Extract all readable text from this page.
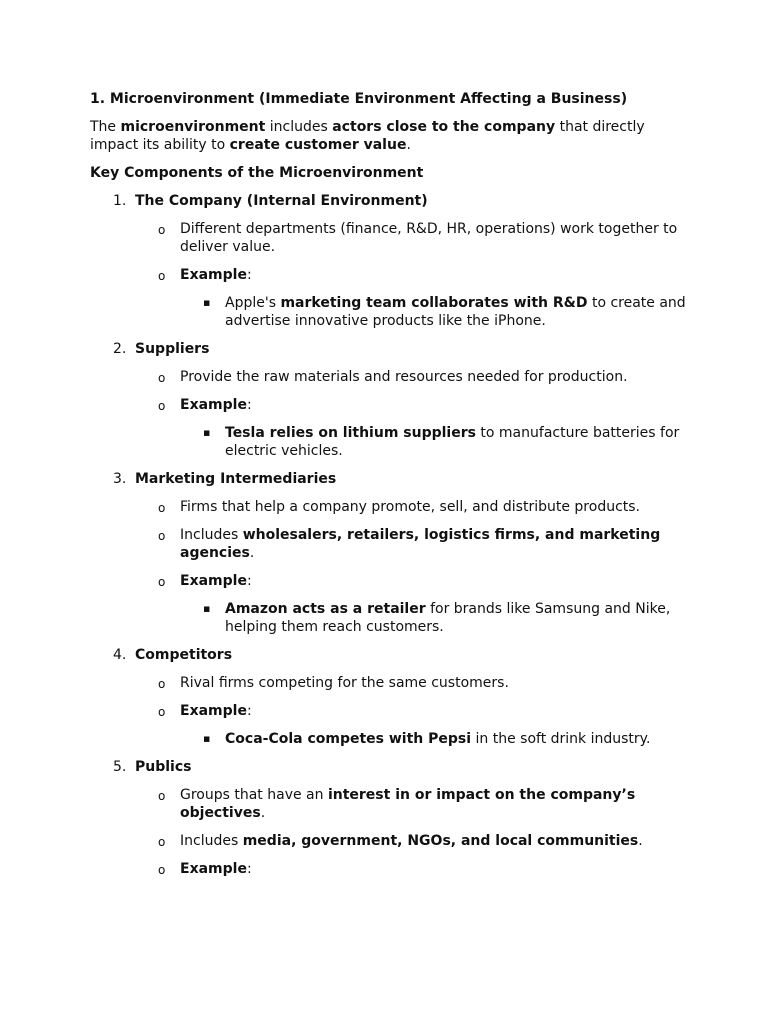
1. Microenvironment (Immediate Environment Affecting a Business)
The microenvironment includes actors close to the company that directly impact its ability to create customer value.
Key Components of the Microenvironment
1. The Company (Internal Environment)
o Different departments (finance, R&D, HR, operations) work together to deliver value.
o Example:
▪ Apple's marketing team collaborates with R&D to create and advertise innovative products like the iPhone.
2. Suppliers
o Provide the raw materials and resources needed for production.
o Example:
▪ Tesla relies on lithium suppliers to manufacture batteries for electric vehicles.
3. Marketing Intermediaries
o Firms that help a company promote, sell, and distribute products.
o Includes wholesalers, retailers, logistics firms, and marketing agencies.
o Example:
▪ Amazon acts as a retailer for brands like Samsung and Nike, helping them reach customers.
4. Competitors
o Rival firms competing for the same customers.
o Example:
▪ Coca-Cola competes with Pepsi in the soft drink industry.
5. Publics
o Groups that have an interest in or impact on the company’s objectives.
o Includes media, government, NGOs, and local communities.
o Example:
